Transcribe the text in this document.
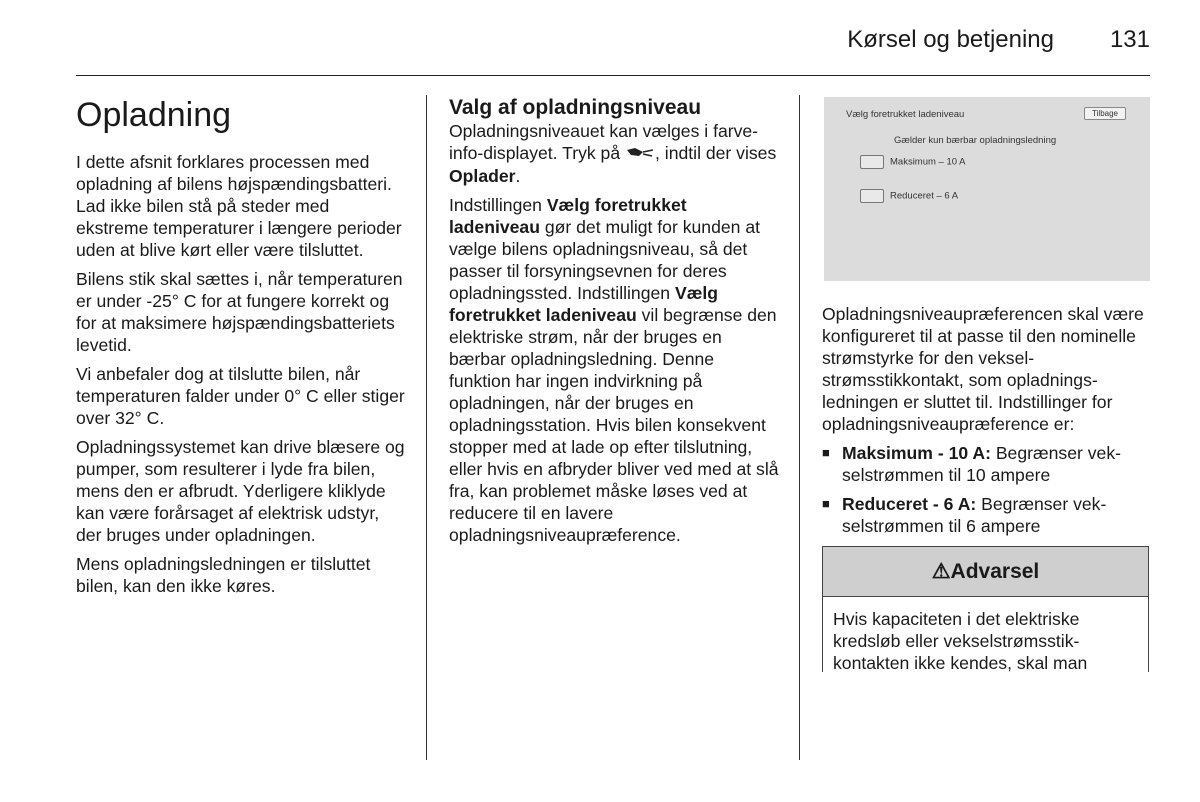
Kørsel og betjening 131
Opladning

I dette afsnit forklares processen med opladning af bilens højspændingsbatteri. Lad ikke bilen stå på steder med ekstreme temperaturer i længere perioder uden at blive kørt eller være tilsluttet.

Bilens stik skal sættes i, når temperaturen er under -25° C for at fungere korrekt og for at maksimere højspændingsbatteriets levetid.

Vi anbefaler dog at tilslutte bilen, når temperaturen falder under 0° C eller stiger over 32° C.

Opladningssystemet kan drive blæsere og pumper, som resulterer i lyde fra bilen, mens den er afbrudt. Yderligere kliklyde kan være forårsaget af elektrisk udstyr, der bruges under opladningen.

Mens opladningsledningen er tilsluttet bilen, kan den ikke køres.

Valg af opladningsniveau

Opladningsniveauet kan vælges i farve-info-displayet. Tryk på , indtil der vises Oplader.

Indstillingen Vælg foretrukket ladeniveau gør det muligt for kunden at vælge bilens opladningsniveau, så det passer til forsyningsevnen for deres opladningssted. Indstillingen Vælg foretrukket ladeniveau vil begrænse den elektriske strøm, når der bruges en bærbar opladningsledning. Denne funktion har ingen indvirkning på opladningen, når der bruges en opladningsstation. Hvis bilen konsekvent stopper med at lade op efter tilslutning, eller hvis en afbryder bliver ved med at slå fra, kan problemet måske løses ved at reducere til en lavere opladningsniveaupræference.

Vælg foretrukket ladeniveau	Tilbage
Gælder kun bærbar opladningsledning
Maksimum – 10 A
Reduceret – 6 A

Opladningsniveaupræferencen skal være konfigureret til at passe til den nominelle strømstyrke for den vekselstrømsstikkontakt, som opladningsledningen er sluttet til. Indstillinger for opladningsniveaupræference er:

■ Maksimum - 10 A: Begrænser vekselstrømmen til 10 ampere
■ Reduceret - 6 A: Begrænser vekselstrømmen til 6 ampere
⚠ Advarsel
Hvis kapaciteten i det elektriske kredsløb eller vekselstrømsstikkontakten ikke kendes, skal man
